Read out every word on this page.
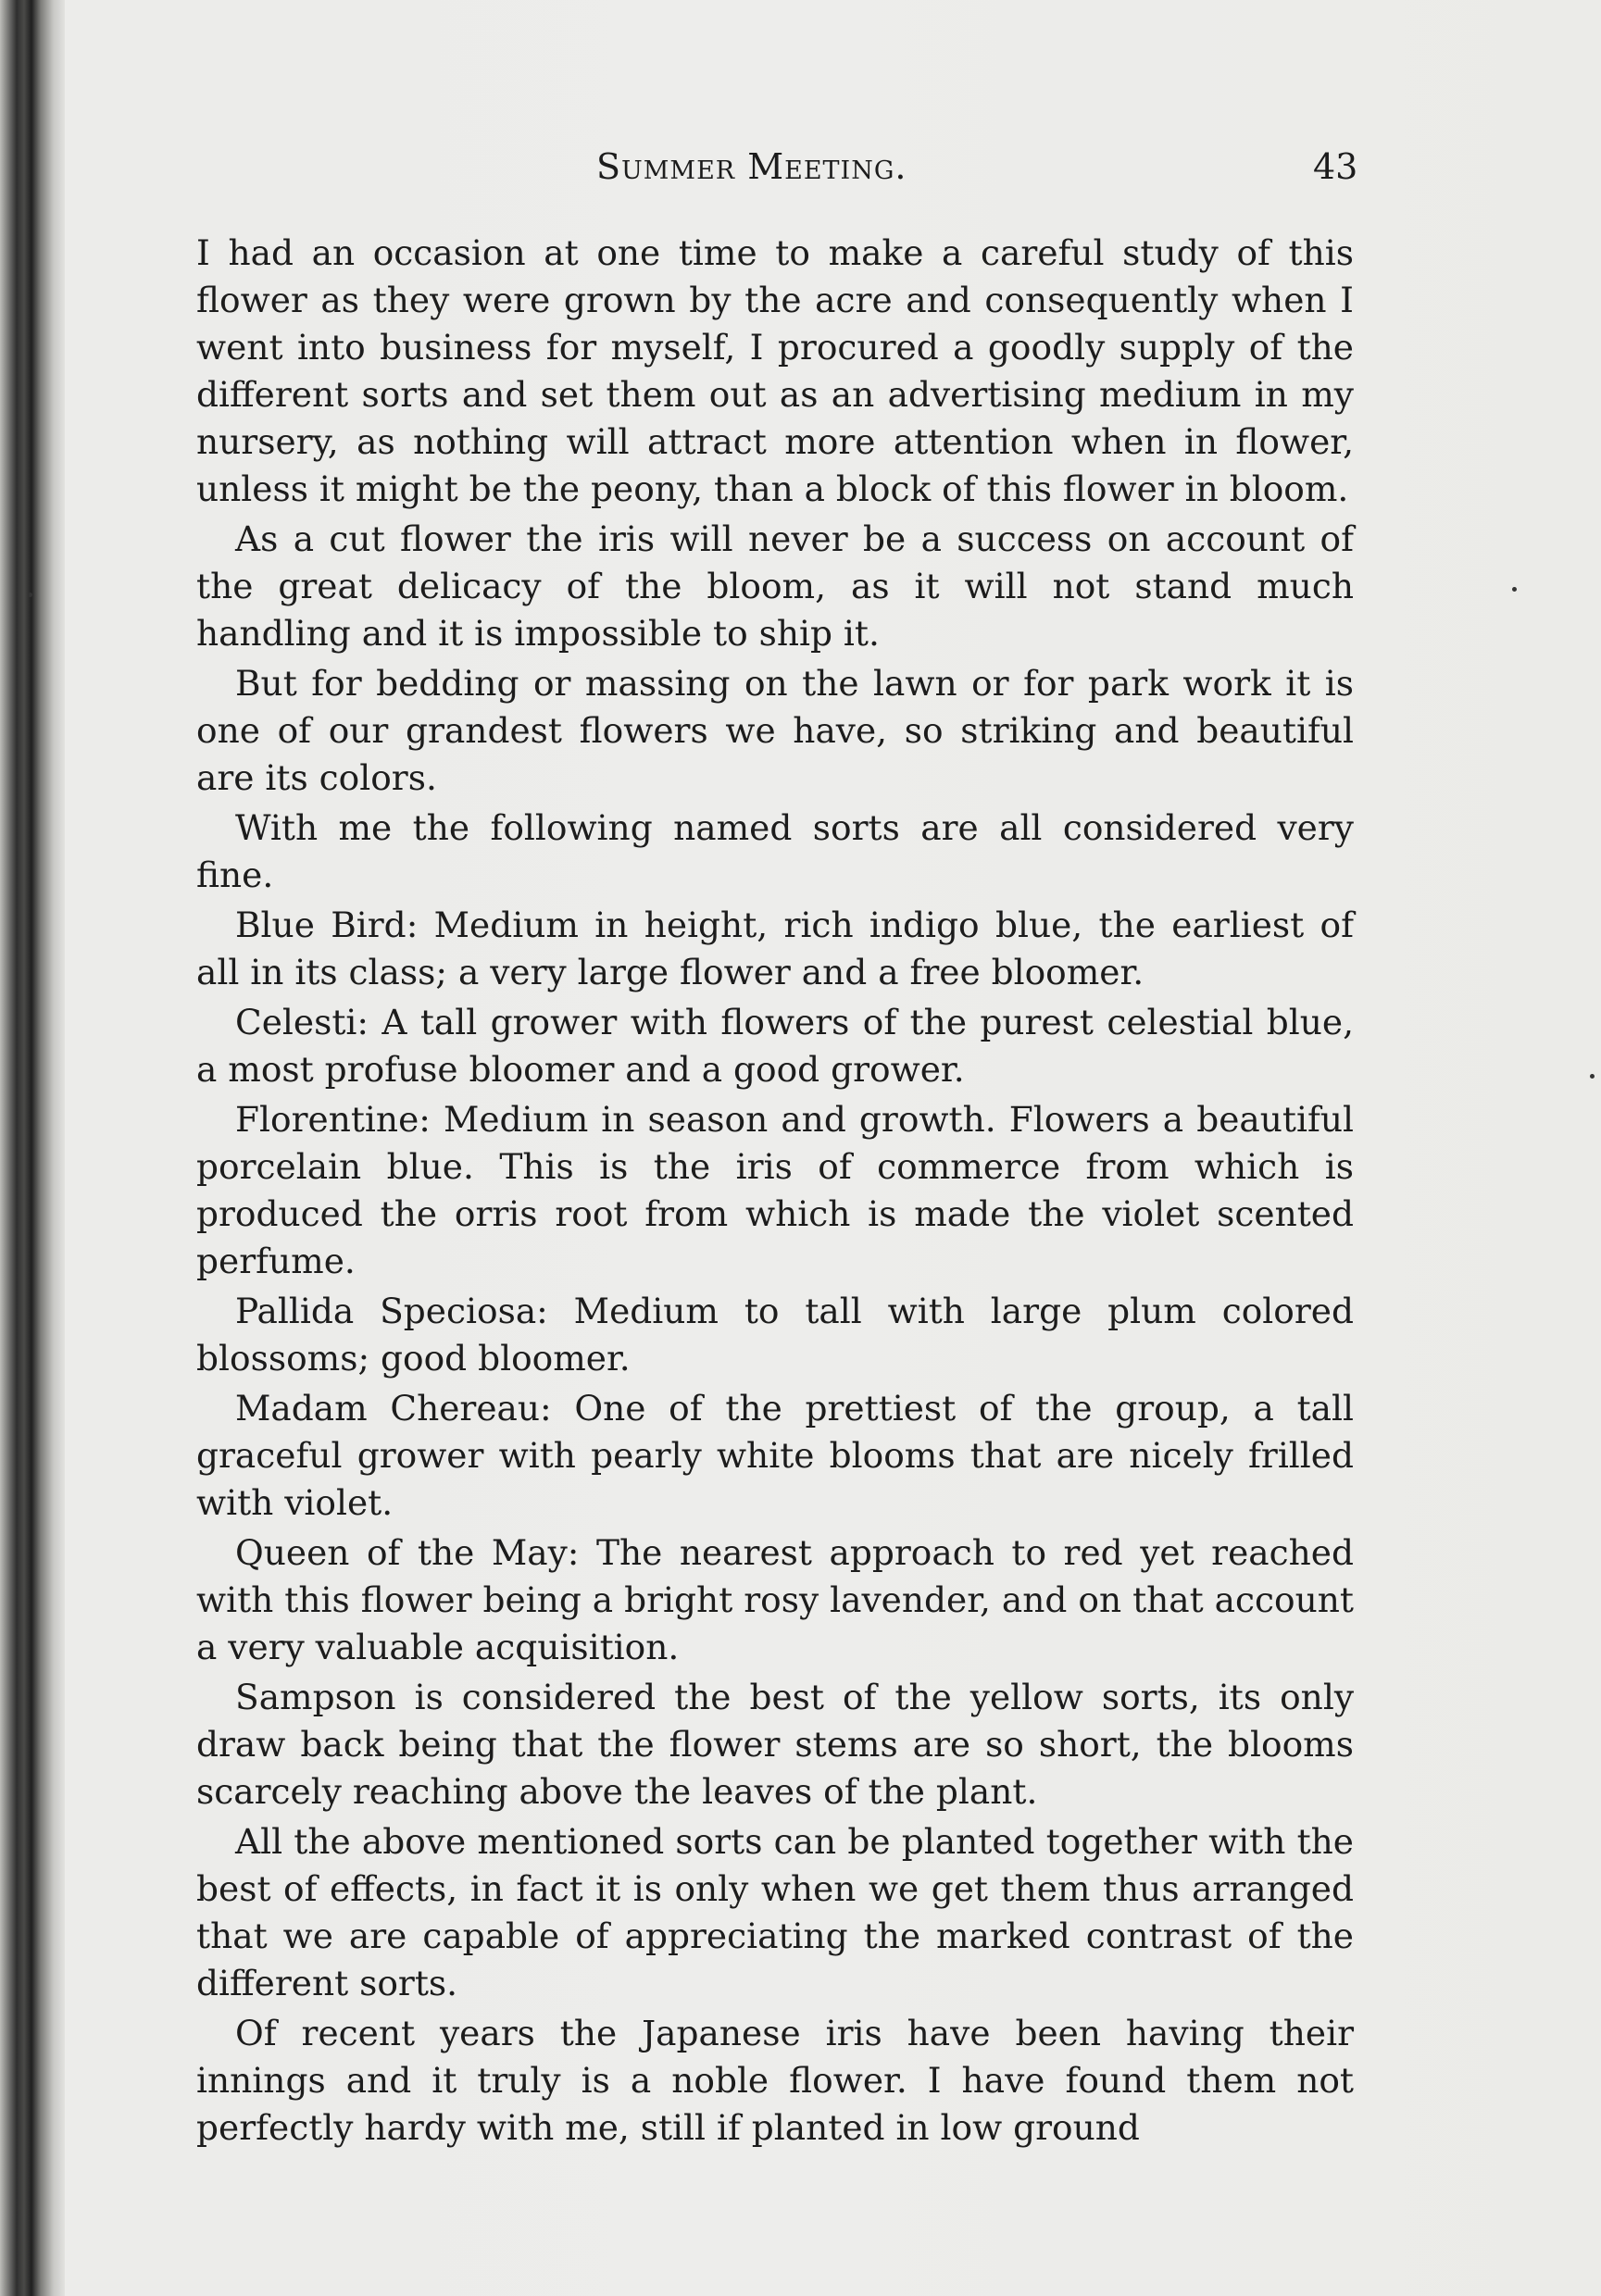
Summer Meeting.	43

I had an occasion at one time to make a careful study of this flower as they were grown by the acre and consequently when I went into business for myself, I procured a goodly supply of the different sorts and set them out as an advertising medium in my nursery, as nothing will attract more attention when in flower, unless it might be the peony, than a block of this flower in bloom.

As a cut flower the iris will never be a success on account of the great delicacy of the bloom, as it will not stand much handling and it is impossible to ship it.

But for bedding or massing on the lawn or for park work it is one of our grandest flowers we have, so striking and beautiful are its colors.

With me the following named sorts are all considered very fine.

Blue Bird: Medium in height, rich indigo blue, the earliest of all in its class; a very large flower and a free bloomer.

Celesti: A tall grower with flowers of the purest celestial blue, a most profuse bloomer and a good grower.

Florentine: Medium in season and growth. Flowers a beautiful porcelain blue. This is the iris of commerce from which is produced the orris root from which is made the violet scented perfume.

Pallida Speciosa: Medium to tall with large plum colored blossoms; good bloomer.

Madam Chereau: One of the prettiest of the group, a tall graceful grower with pearly white blooms that are nicely frilled with violet.

Queen of the May: The nearest approach to red yet reached with this flower being a bright rosy lavender, and on that account a very valuable acquisition.

Sampson is considered the best of the yellow sorts, its only draw back being that the flower stems are so short, the blooms scarcely reaching above the leaves of the plant.

All the above mentioned sorts can be planted together with the best of effects, in fact it is only when we get them thus arranged that we are capable of appreciating the marked contrast of the different sorts.

Of recent years the Japanese iris have been having their innings and it truly is a noble flower. I have found them not perfectly hardy with me, still if planted in low ground
